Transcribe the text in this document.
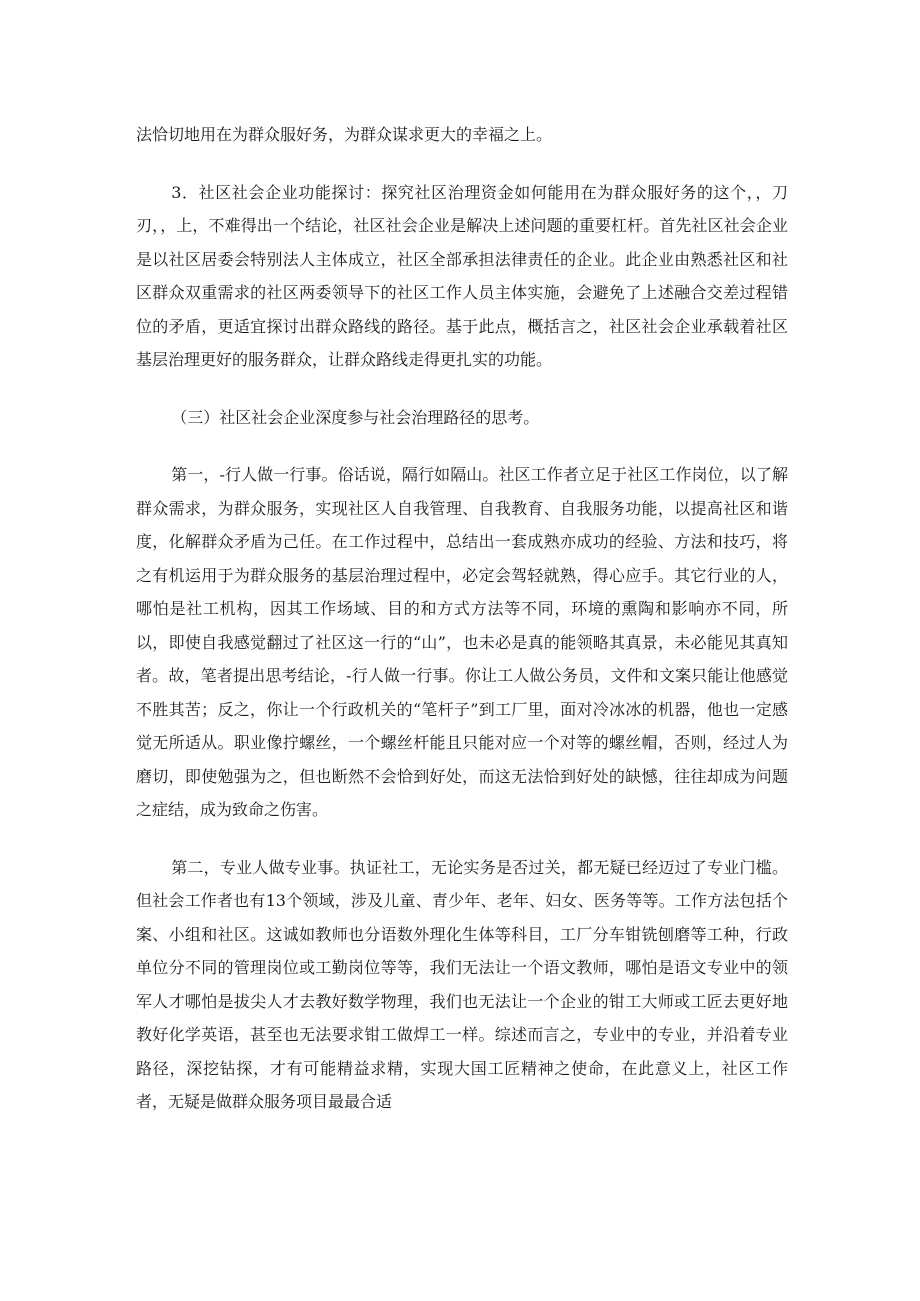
法恰切地用在为群众服好务，为群众谋求更大的幸福之上。

3．社区社会企业功能探讨：探究社区治理资金如何能用在为群众服好务的这个，，刀刃，，上，不难得出一个结论，社区社会企业是解决上述问题的重要杠杆。首先社区社会企业是以社区居委会特别法人主体成立，社区全部承担法律责任的企业。此企业由熟悉社区和社区群众双重需求的社区两委领导下的社区工作人员主体实施，会避免了上述融合交差过程错位的矛盾，更适宜探讨出群众路线的路径。基于此点，概括言之，社区社会企业承载着社区基层治理更好的服务群众，让群众路线走得更扎实的功能。

（三）社区社会企业深度参与社会治理路径的思考。

第一，-行人做一行事。俗话说，隔行如隔山。社区工作者立足于社区工作岗位，以了解群众需求，为群众服务，实现社区人自我管理、自我教育、自我服务功能，以提高社区和谐度，化解群众矛盾为己任。在工作过程中，总结出一套成熟亦成功的经验、方法和技巧，将之有机运用于为群众服务的基层治理过程中，必定会驾轻就熟，得心应手。其它行业的人，哪怕是社工机构，因其工作场域、目的和方式方法等不同，环境的熏陶和影响亦不同，所以，即使自我感觉翻过了社区这一行的“山”，也未必是真的能领略其真景，未必能见其真知者。故，笔者提出思考结论，-行人做一行事。你让工人做公务员，文件和文案只能让他感觉不胜其苦；反之，你让一个行政机关的“笔杆子”到工厂里，面对冷冰冰的机器，他也一定感觉无所适从。职业像拧螺丝，一个螺丝杆能且只能对应一个对等的螺丝帽，否则，经过人为磨切，即使勉强为之，但也断然不会恰到好处，而这无法恰到好处的缺憾，往往却成为问题之症结，成为致命之伤害。

第二，专业人做专业事。执证社工，无论实务是否过关，都无疑已经迈过了专业门槛。但社会工作者也有13个领域，涉及儿童、青少年、老年、妇女、医务等等。工作方法包括个案、小组和社区。这诚如教师也分语数外理化生体等科目，工厂分车钳铣刨磨等工种，行政单位分不同的管理岗位或工勤岗位等等，我们无法让一个语文教师，哪怕是语文专业中的领军人才哪怕是拔尖人才去教好数学物理，我们也无法让一个企业的钳工大师或工匠去更好地教好化学英语，甚至也无法要求钳工做焊工一样。综述而言之，专业中的专业，并沿着专业路径，深挖钻探，才有可能精益求精，实现大国工匠精神之使命，在此意义上，社区工作者，无疑是做群众服务项目最最合适
